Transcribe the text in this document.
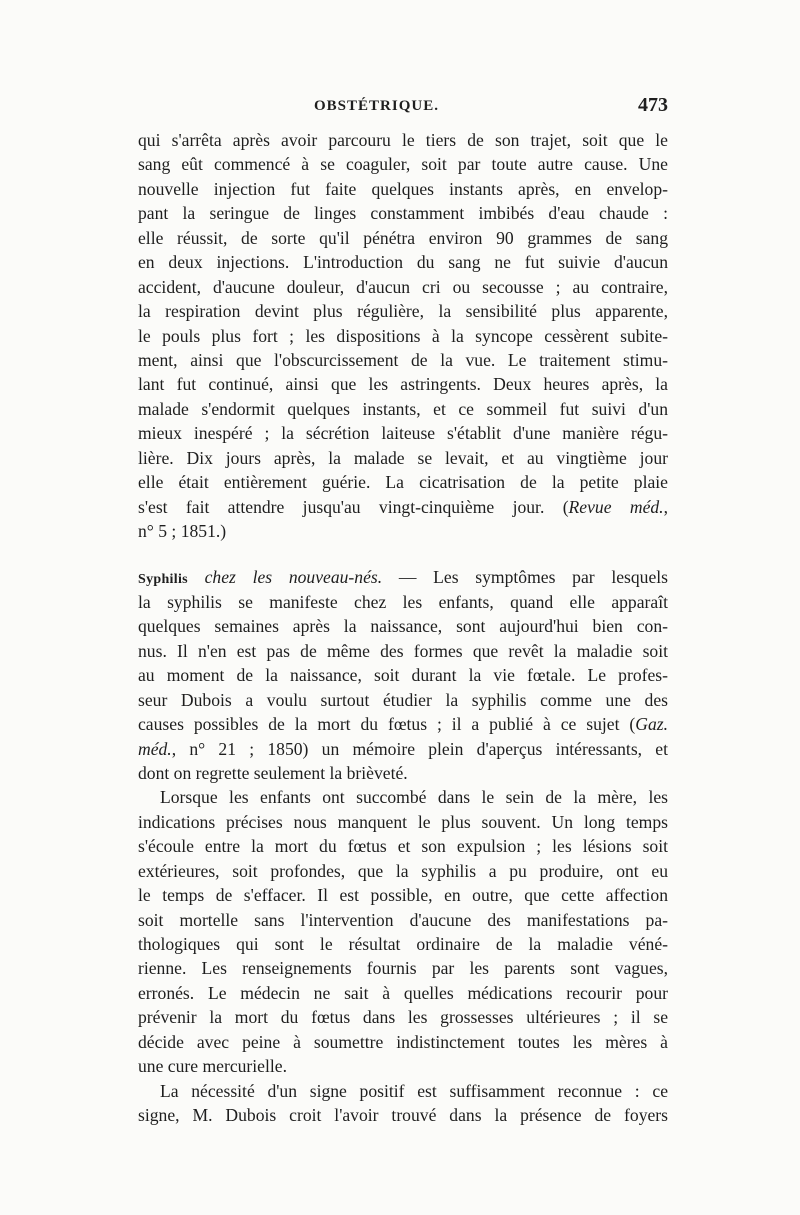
OBSTÉTRIQUE.	473
qui s'arrêta après avoir parcouru le tiers de son trajet, soit que le
sang eût commencé à se coaguler, soit par toute autre cause. Une
nouvelle injection fut faite quelques instants après, en envelop-
pant la seringue de linges constamment imbibés d'eau chaude :
elle réussit, de sorte qu'il pénétra environ 90 grammes de sang
en deux injections. L'introduction du sang ne fut suivie d'aucun
accident, d'aucune douleur, d'aucun cri ou secousse ; au contraire,
la respiration devint plus régulière, la sensibilité plus apparente,
le pouls plus fort ; les dispositions à la syncope cessèrent subite-
ment, ainsi que l'obscurcissement de la vue. Le traitement stimu-
lant fut continué, ainsi que les astringents. Deux heures après, la
malade s'endormit quelques instants, et ce sommeil fut suivi d'un
mieux inespéré ; la sécrétion laiteuse s'établit d'une manière régu-
lière. Dix jours après, la malade se levait, et au vingtième jour
elle était entièrement guérie. La cicatrisation de la petite plaie
s'est fait attendre jusqu'au vingt-cinquième jour. (Revue méd.,
n° 5 ; 1851.)
Syphilis chez les nouveau-nés. — Les symptômes par lesquels
la syphilis se manifeste chez les enfants, quand elle apparaît
quelques semaines après la naissance, sont aujourd'hui bien con-
nus. Il n'en est pas de même des formes que revêt la maladie soit
au moment de la naissance, soit durant la vie fœtale. Le profes-
seur Dubois a voulu surtout étudier la syphilis comme une des
causes possibles de la mort du fœtus ; il a publié à ce sujet (Gaz.
méd., n° 21 ; 1850) un mémoire plein d'aperçus intéressants, et
dont on regrette seulement la brièveté.
Lorsque les enfants ont succombé dans le sein de la mère, les
indications précises nous manquent le plus souvent. Un long temps
s'écoule entre la mort du fœtus et son expulsion ; les lésions soit
extérieures, soit profondes, que la syphilis a pu produire, ont eu
le temps de s'effacer. Il est possible, en outre, que cette affection
soit mortelle sans l'intervention d'aucune des manifestations pa-
thologiques qui sont le résultat ordinaire de la maladie véné-
rienne. Les renseignements fournis par les parents sont vagues,
erronés. Le médecin ne sait à quelles médications recourir pour
prévenir la mort du fœtus dans les grossesses ultérieures ; il se
décide avec peine à soumettre indistinctement toutes les mères à
une cure mercurielle.
La nécessité d'un signe positif est suffisamment reconnue : ce
signe, M. Dubois croit l'avoir trouvé dans la présence de foyers
